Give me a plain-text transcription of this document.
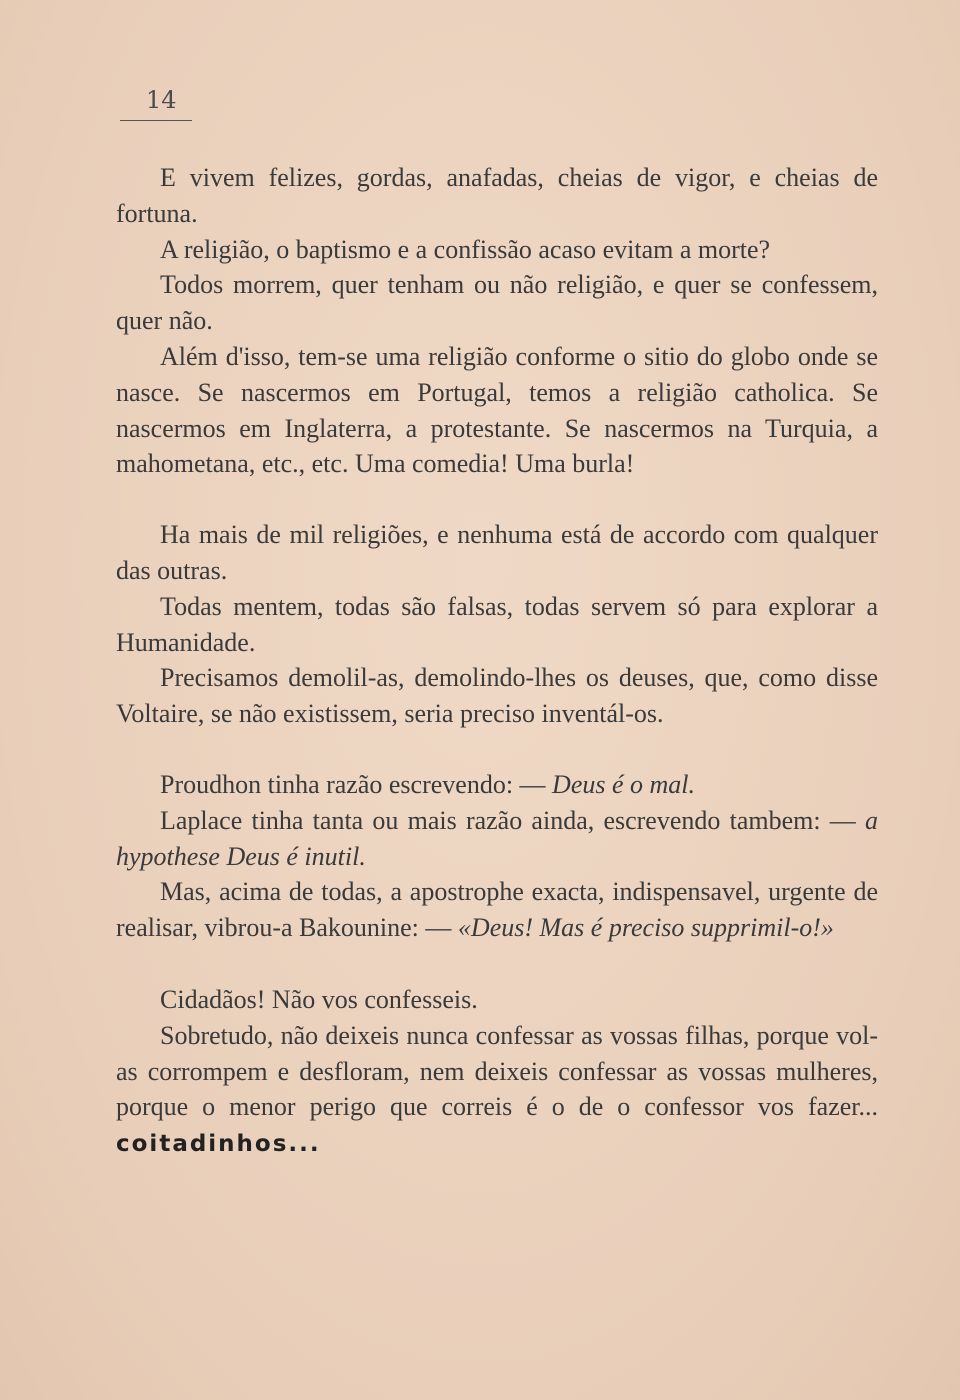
14

E vivem felizes, gordas, anafadas, cheias de vigor, e cheias de fortuna.

A religião, o baptismo e a confissão acaso evitam a morte?

Todos morrem, quer tenham ou não religião, e quer se confessem, quer não.

Além d'isso, tem-se uma religião conforme o sitio do globo onde se nasce. Se nascermos em Portugal, temos a religião catholica. Se nascermos em Inglaterra, a protestante. Se nascermos na Turquia, a mahometana, etc., etc. Uma comedia! Uma burla!

Ha mais de mil religiões, e nenhuma está de accordo com qualquer das outras.

Todas mentem, todas são falsas, todas servem só para explorar a Humanidade.

Precisamos demolil-as, demolindo-lhes os deuses, que, como disse Voltaire, se não existissem, seria preciso inventál-os.

Proudhon tinha razão escrevendo: — Deus é o mal.

Laplace tinha tanta ou mais razão ainda, escrevendo tambem: — a hypothese Deus é inutil.

Mas, acima de todas, a apostrophe exacta, indispensavel, urgente de realisar, vibrou-a Bakounine: — «Deus! Mas é preciso supprimil-o!»

Cidadãos! Não vos confesseis.

Sobretudo, não deixeis nunca confessar as vossas filhas, porque vol-as corrompem e desfloram, nem deixeis confessar as vossas mulheres, porque o menor perigo que correis é o de o confessor vos fazer... coitadinhos...
